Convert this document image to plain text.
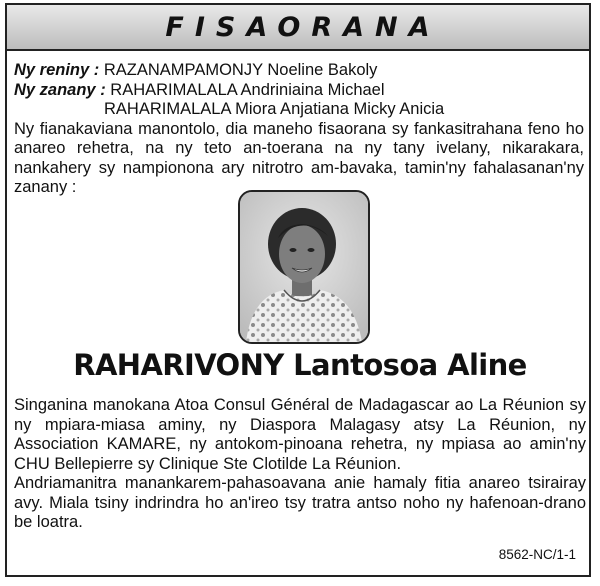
FISAORANA
Ny reniny : RAZANAMPAMONJY Noeline Bakoly
Ny zanany : RAHARIMALALA Andriniaina Michael
RAHARIMALALA Miora Anjatiana Micky Anicia
Ny fianakaviana manontolo, dia maneho fisaorana sy fankasitrahana feno ho anareo rehetra, na ny teto an-toerana na ny tany ivelany, nikarakara, nankahery sy nampionona ary nitrotro am-bavaka, tamin'ny fahalasanan'ny zanany :
RAHARIVONY Lantosoa Aline
Singanina manokana Atoa Consul Général de Madagascar ao La Réunion sy ny mpiara-miasa aminy, ny Diaspora Malagasy atsy La Réunion, ny Association KAMARE, ny antokom-pinoana rehetra, ny mpiasa ao amin'ny CHU Bellepierre sy Clinique Ste Clotilde La Réunion.
Andriamanitra manankarem-pahasoavana anie hamaly fitia anareo tsirairay avy. Miala tsiny indrindra ho an'ireo tsy tratra antso noho ny hafenoan-drano be loatra.
8562-NC/1-1
